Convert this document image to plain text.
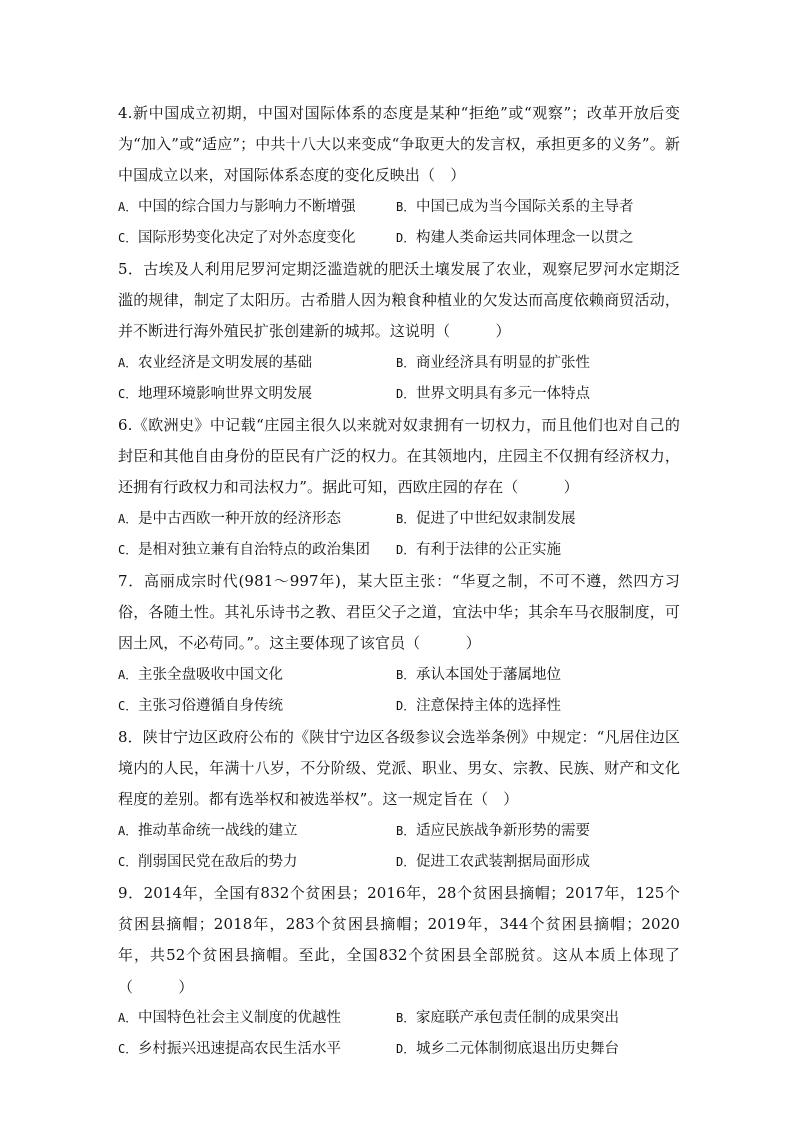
4.新中国成立初期，中国对国际体系的态度是某种“拒绝”或“观察”；改革开放后变为“加入”或“适应”；中共十八大以来变成“争取更大的发言权，承担更多的义务”。新中国成立以来，对国际体系态度的变化反映出（　）

A．中国的综合国力与影响力不断增强	B．中国已成为当今国际关系的主导者
C．国际形势变化决定了对外态度变化	D．构建人类命运共同体理念一以贯之

5．古埃及人利用尼罗河定期泛滥造就的肥沃土壤发展了农业，观察尼罗河水定期泛滥的规律，制定了太阳历。古希腊人因为粮食种植业的欠发达而高度依赖商贸活动，并不断进行海外殖民扩张创建新的城邦。这说明（　　　）

A．农业经济是文明发展的基础	B．商业经济具有明显的扩张性
C．地理环境影响世界文明发展	D．世界文明具有多元一体特点

6.《欧洲史》中记载“庄园主很久以来就对奴隶拥有一切权力，而且他们也对自己的封臣和其他自由身份的臣民有广泛的权力。在其领地内，庄园主不仅拥有经济权力，还拥有行政权力和司法权力”。据此可知，西欧庄园的存在（　　　）

A．是中古西欧一种开放的经济形态	B．促进了中世纪奴隶制发展
C．是相对独立兼有自治特点的政治集团	D．有利于法律的公正实施

7．高丽成宗时代(981～997年)，某大臣主张：“华夏之制，不可不遵，然四方习俗，各随土性。其礼乐诗书之教、君臣父子之道，宜法中华；其余车马衣服制度，可因土风，不必苟同。”。这主要体现了该官员（　　　）

A．主张全盘吸收中国文化	B．承认本国处于藩属地位
C．主张习俗遵循自身传统	D．注意保持主体的选择性

8．陕甘宁边区政府公布的《陕甘宁边区各级参议会选举条例》中规定：“凡居住边区境内的人民，年满十八岁，不分阶级、党派、职业、男女、宗教、民族、财产和文化程度的差别。都有选举权和被选举权”。这一规定旨在（　）

A．推动革命统一战线的建立	B．适应民族战争新形势的需要
C．削弱国民党在敌后的势力	D．促进工农武装割据局面形成

9．2014年，全国有832个贫困县；2016年，28个贫困县摘帽；2017年，125个贫困县摘帽；2018年，283个贫困县摘帽；2019年，344个贫困县摘帽；2020年，共52个贫困县摘帽。至此，全国832个贫困县全部脱贫。这从本质上体现了（　　　）

A．中国特色社会主义制度的优越性	B．家庭联产承包责任制的成果突出
C．乡村振兴迅速提高农民生活水平	D．城乡二元体制彻底退出历史舞台
